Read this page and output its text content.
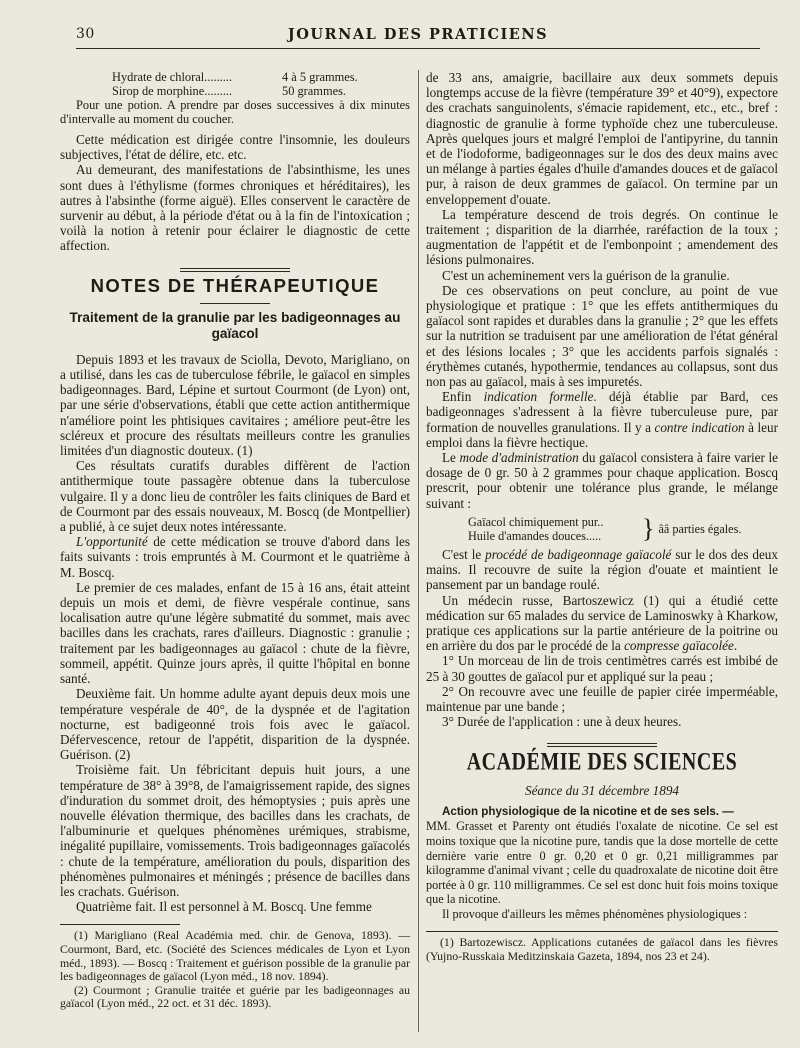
30	JOURNAL DES PRATICIENS
Hydrate de chloral.........	4 à 5 grammes.
Sirop de morphine.........	50 grammes.
Pour une potion. A prendre par doses successives à dix minutes d'intervalle au moment du coucher.

Cette médication est dirigée contre l'insomnie, les douleurs subjectives, l'état de délire, etc. etc.

Au demeurant, des manifestations de l'absinthisme, les unes sont dues à l'éthylisme (formes chroniques et héréditaires), les autres à l'absinthe (forme aiguë). Elles conservent le caractère de survenir au début, à la période d'état ou à la fin de l'intoxication ; voilà la notion à retenir pour éclairer le diagnostic de cette affection.

NOTES DE THÉRAPEUTIQUE
Traitement de la granulie par les badigeonnages au gaïacol

Depuis 1893 et les travaux de Sciolla, Devoto, Marigliano, on a utilisé, dans les cas de tuberculose fébrile, le gaïacol en simples badigeonnages. Bard, Lépine et surtout Courmont (de Lyon) ont, par une série d'observations, établi que cette action antithermique n'améliore point les phtisiques cavitaires ; améliore peut-être les scléreux et procure des résultats meilleurs contre les granulies limitées d'un diagnostic douteux. (1)

Ces résultats curatifs durables diffèrent de l'action antithermique toute passagère obtenue dans la tuberculose vulgaire. Il y a donc lieu de contrôler les faits cliniques de Bard et de Courmont par des essais nouveaux, M. Boscq (de Montpellier) a publié, à ce sujet deux notes intéressante.

L'opportunité de cette médication se trouve d'abord dans les faits suivants : trois empruntés à M. Courmont et le quatrième à M. Boscq.

Le premier de ces malades, enfant de 15 à 16 ans, était atteint depuis un mois et demi, de fièvre vespérale continue, sans localisation autre qu'une légère submatité du sommet, mais avec bacilles dans les crachats, rares d'ailleurs. Diagnostic : granulie ; traitement par les badigeonnages au gaïacol : chute de la fièvre, sommeil, appétit. Quinze jours après, il quitte l'hôpital en bonne santé.

Deuxième fait. Un homme adulte ayant depuis deux mois une température vespérale de 40°, de la dyspnée et de l'agitation nocturne, est badigeonné trois fois avec le gaïacol. Défervescence, retour de l'appétit, disparition de la dyspnée. Guérison. (2)

Troisième fait. Un fébricitant depuis huit jours, a une température de 38° à 39°8, de l'amaigrissement rapide, des signes d'induration du sommet droit, des hémoptysies ; puis après une nouvelle élévation thermique, des bacilles dans les crachats, de l'albuminurie et quelques phénomènes urémiques, strabisme, inégalité pupillaire, vomissements. Trois badigeonnages gaïacolés : chute de la température, amélioration du pouls, disparition des phénomènes pulmonaires et méningés ; présence de bacilles dans les crachats. Guérison.

Quatrième fait. Il est personnel à M. Boscq. Une femme

(1) Marigliano (Real Académia med. chir. de Genova, 1893). — Courmont, Bard, etc. (Société des Sciences médicales de Lyon et Lyon méd., 1893). — Boscq : Traitement et guérison possible de la granulie par les badigeonnages de gaïacol (Lyon méd., 18 nov. 1894).

(2) Courmont ; Granulie traitée et guérie par les badigeonnages au gaïacol (Lyon méd., 22 oct. et 31 déc. 1893).

de 33 ans, amaigrie, bacillaire aux deux sommets depuis longtemps accuse de la fièvre (température 39° et 40°9), expectore des crachats sanguinolents, s'émacie rapidement, etc., etc., bref : diagnostic de granulie à forme typhoïde chez une tuberculeuse. Après quelques jours et malgré l'emploi de l'antipyrine, du tannin et de l'iodoforme, badigeonnages sur le dos des deux mains avec un mélange à parties égales d'huile d'amandes douces et de gaïacol pur, à raison de deux grammes de gaïacol. On termine par un enveloppement d'ouate.

La température descend de trois degrés. On continue le traitement ; disparition de la diarrhée, raréfaction de la toux ; augmentation de l'appétit et de l'embonpoint ; amendement des lésions pulmonaires.

C'est un acheminement vers la guérison de la granulie.

De ces observations on peut conclure, au point de vue physiologique et pratique : 1° que les effets antithermiques du gaïacol sont rapides et durables dans la granulie ; 2° que les effets sur la nutrition se traduisent par une amélioration de l'état général et des lésions locales ; 3° que les accidents parfois signalés : érythèmes cutanés, hypothermie, tendances au collapsus, sont dus non pas au gaïacol, mais à ses impuretés.

Enfin indication formelle. déjà établie par Bard, ces badigeonnages s'adressent à la fièvre tuberculeuse pure, par formation de nouvelles granulations. Il y a contre indication à leur emploi dans la fièvre hectique.

Le mode d'administration du gaïacol consistera à faire varier le dosage de 0 gr. 50 à 2 grammes pour chaque application. Boscq prescrit, pour obtenir une tolérance plus grande, le mélange suivant :

Gaïacol chimiquement pur..
Huile d'amandes douces.....	} ââ parties égales.

C'est le procédé de badigeonnage gaïacolé sur le dos des deux mains. Il recouvre de suite la région d'ouate et maintient le pansement par un bandage roulé.

Un médecin russe, Bartoszewicz (1) qui a étudié cette médication sur 65 malades du service de Laminoswky à Kharkow, pratique ces applications sur la partie antérieure de la poitrine ou en arrière du dos par le procédé de la compresse gaïacolée.

1° Un morceau de lin de trois centimètres carrés est imbibé de 25 à 30 gouttes de gaïacol pur et appliqué sur la peau ;

2° On recouvre avec une feuille de papier cirée imperméable, maintenue par une bande ;

3° Durée de l'application : une à deux heures.

ACADÉMIE DES SCIENCES
Séance du 31 décembre 1894

Action physiologique de la nicotine et de ses sels. —

MM. Grasset et Parenty ont étudiés l'oxalate de nicotine. Ce sel est moins toxique que la nicotine pure, tandis que la dose mortelle de cette dernière varie entre 0 gr. 0,20 et 0 gr. 0,21 milligrammes par kilogramme d'animal vivant ; celle du quadroxalate de nicotine doit être portée à 0 gr. 110 milligrammes. Ce sel est donc huit fois moins toxique que la nicotine.

Il provoque d'ailleurs les mêmes phénomènes physiologiques :

(1) Bartozewiscz. Applications cutanées de gaïacol dans les fièvres (Yujno-Russkaia Meditzinskaia Gazeta, 1894, nos 23 et 24).
